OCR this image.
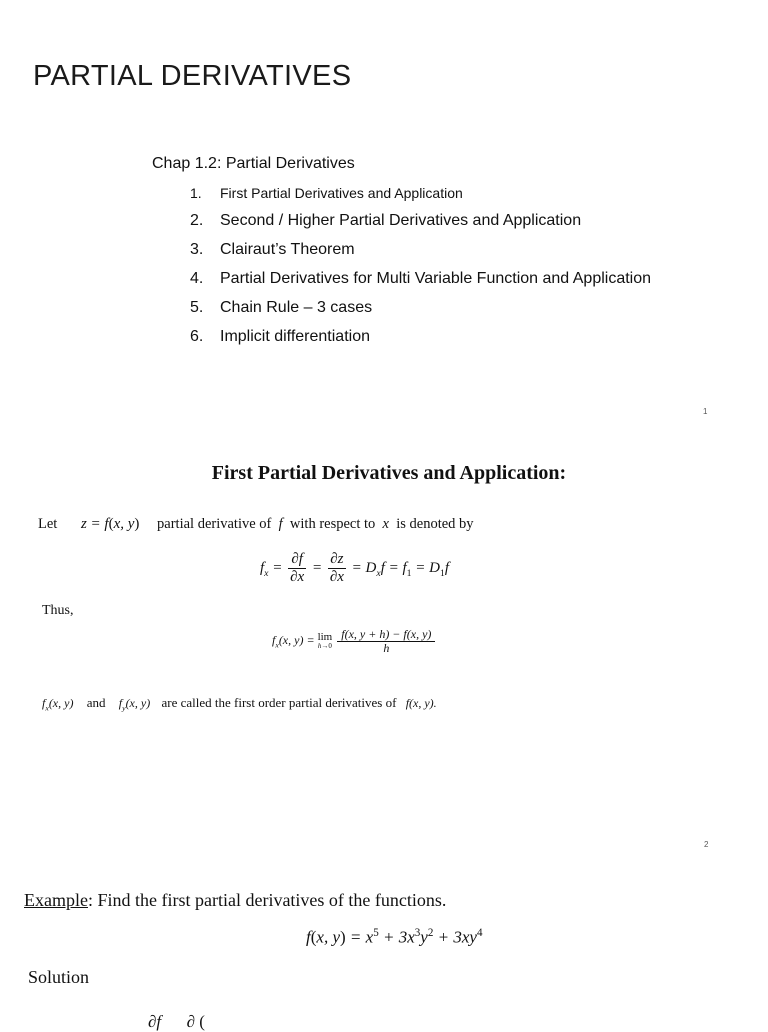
PARTIAL DERIVATIVES
Chap 1.2: Partial Derivatives
1. First Partial Derivatives and Application
2. Second / Higher Partial Derivatives and Application
3. Clairaut’s Theorem
4. Partial Derivatives for Multi Variable Function and Application
5. Chain Rule – 3 cases
6. Implicit differentiation
1
First Partial Derivatives and Application:
Let z = f(x, y) partial derivative of  f  with respect to  x  is denoted by
$f_x = \frac{\partial f}{\partial x} = \frac{\partial z}{\partial x} = D_xf = f_1 = D_1f$
Thus,
$f_x(x$, y) = lim
h→0
$\frac{f(x, y + h) - f(x, y)}{h}$
$f_x(x$, y) and $f_y(x$, y) are called the first order partial derivatives of f(x, y).
2
Example: Find the first partial derivatives of the functions.
f(x, $y) = x^5 + 3x^3y^2 + 3xy^4$
Solution
∂f      ∂ (
